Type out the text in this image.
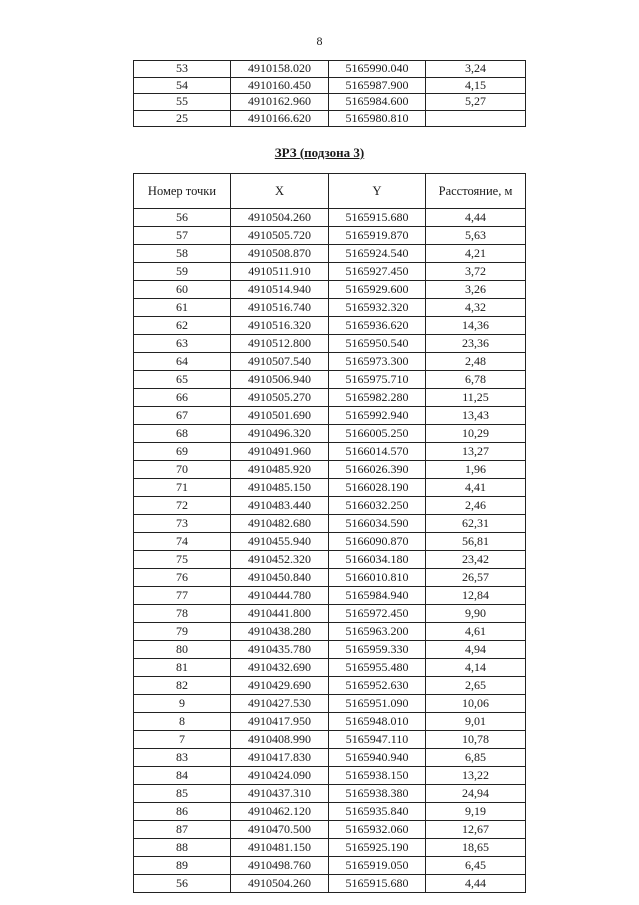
8
53	4910158.020	5165990.040	3,24
54	4910160.450	5165987.900	4,15
55	4910162.960	5165984.600	5,27
25	4910166.620	5165980.810	
ЗРЗ (подзона 3)
Номер точки	X	Y	Расстояние, м
56	4910504.260	5165915.680	4,44
57	4910505.720	5165919.870	5,63
58	4910508.870	5165924.540	4,21
59	4910511.910	5165927.450	3,72
60	4910514.940	5165929.600	3,26
61	4910516.740	5165932.320	4,32
62	4910516.320	5165936.620	14,36
63	4910512.800	5165950.540	23,36
64	4910507.540	5165973.300	2,48
65	4910506.940	5165975.710	6,78
66	4910505.270	5165982.280	11,25
67	4910501.690	5165992.940	13,43
68	4910496.320	5166005.250	10,29
69	4910491.960	5166014.570	13,27
70	4910485.920	5166026.390	1,96
71	4910485.150	5166028.190	4,41
72	4910483.440	5166032.250	2,46
73	4910482.680	5166034.590	62,31
74	4910455.940	5166090.870	56,81
75	4910452.320	5166034.180	23,42
76	4910450.840	5166010.810	26,57
77	4910444.780	5165984.940	12,84
78	4910441.800	5165972.450	9,90
79	4910438.280	5165963.200	4,61
80	4910435.780	5165959.330	4,94
81	4910432.690	5165955.480	4,14
82	4910429.690	5165952.630	2,65
9	4910427.530	5165951.090	10,06
8	4910417.950	5165948.010	9,01
7	4910408.990	5165947.110	10,78
83	4910417.830	5165940.940	6,85
84	4910424.090	5165938.150	13,22
85	4910437.310	5165938.380	24,94
86	4910462.120	5165935.840	9,19
87	4910470.500	5165932.060	12,67
88	4910481.150	5165925.190	18,65
89	4910498.760	5165919.050	6,45
56	4910504.260	5165915.680	4,44
